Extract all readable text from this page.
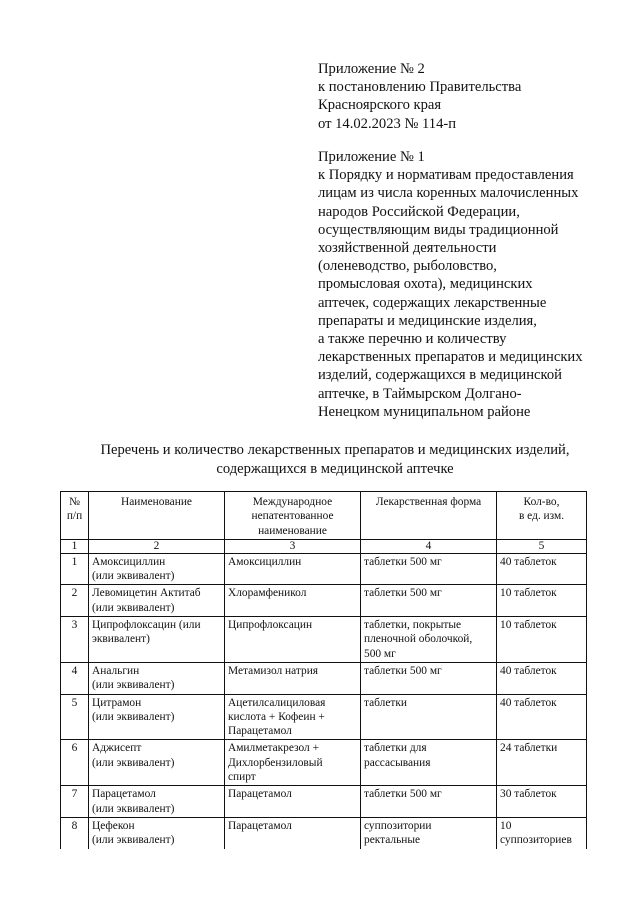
Приложение № 2
к постановлению Правительства
Красноярского края
от 14.02.2023 № 114-п
Приложение № 1
к Порядку и нормативам предоставления
лицам из числа коренных малочисленных
народов Российской Федерации,
осуществляющим виды традиционной
хозяйственной деятельности
(оленеводство, рыболовство,
промысловая охота), медицинских
аптечек, содержащих лекарственные
препараты и медицинские изделия,
а также перечню и количеству
лекарственных препаратов и медицинских
изделий, содержащихся в медицинской
аптечке, в Таймырском Долгано-
Ненецком муниципальном районе
Перечень и количество лекарственных препаратов и медицинских изделий,
содержащихся в медицинской аптечке
№
п/п	Наименование	Международное
непатентованное
наименование	Лекарственная форма	Кол-во,
в ед. изм.

1	2	3	4	5

1	Амоксициллин
(или эквивалент)	Амоксициллин	таблетки 500 мг	40 таблеток

2	Левомицетин Актитаб
(или эквивалент)	Хлорамфеникол	таблетки 500 мг	10 таблеток

3	Ципрофлоксацин (или
эквивалент)	Ципрофлоксацин	таблетки, покрытые
пленочной оболочкой,
500 мг	10 таблеток

4	Анальгин
(или эквивалент)	Метамизол натрия	таблетки 500 мг	40 таблеток

5	Цитрамон
(или эквивалент)	Ацетилсалициловая
кислота + Кофеин +
Парацетамол	таблетки	40 таблеток

6	Аджисепт
(или эквивалент)	Амилметакрезол +
Дихлорбензиловый
спирт	таблетки для
рассасывания	24 таблетки

7	Парацетамол
(или эквивалент)	Парацетамол	таблетки 500 мг	30 таблеток

8	Цефекон
(или эквивалент)	Парацетамол	суппозитории
ректальные	10
суппозиториев
